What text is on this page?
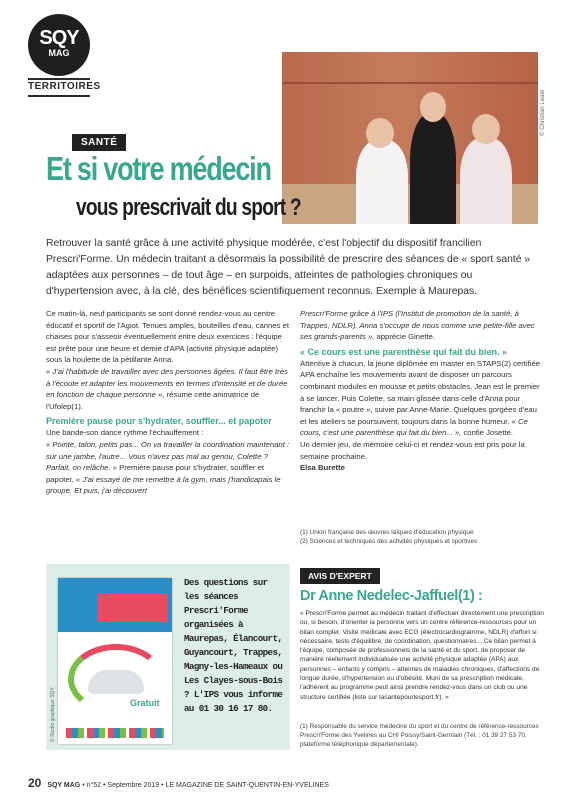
SQY
MAG
TERRITOIRES
© Christian Leaté
SANTÉ
Et si votre médecin
vous prescrivait du sport ?
Retrouver la santé grâce à une activité physique modérée, c'est l'objectif du dispositif francilien Prescri'Forme. Un médecin traitant a désormais la possibilité de prescrire des séances de « sport santé » adaptées aux personnes – de tout âge – en surpoids, atteintes de pathologies chroniques ou d'hypertension avec, à la clé, des bénéfices scientifiquement reconnus. Exemple à Maurepas.

Ce matin-là, neuf participants se sont donné rendez-vous au centre éducatif et sportif de l'Agiot. Tenues amples, bouteilles d'eau, cannes et chaises pour s'asseoir éventuellement entre deux exercices : l'équipe est prête pour une heure et demie d'APA (activité physique adaptée) sous la houlette de la pétillante Anna.

« J'ai l'habitude de travailler avec des personnes âgées. Il faut être très à l'écoute et adapter les mouvements en termes d'intensité et de durée en fonction de chaque personne », résume cette animatrice de l'Ufolep(1).

Première pause pour s'hydrater, souffler... et papoter

Une bande-son dance rythme l'échauffement :

« Pointe, talon, petits pas... On va travailler la coordination maintenant : sur une jambe, l'autre... Vous n'avez pas mal au genou, Colette ? Parfait, on relâche. » Première pause pour s'hydrater, souffler et papoter. « J'ai essayé de me remettre à la gym, mais j'handicapais le groupe. Et puis, j'ai découvert

Prescri'Forme grâce à l'IPS (l'Institut de promotion de la santé, à Trappes, NDLR). Anna s'occupe de nous comme une petite-fille avec ses grands-parents », apprécie Ginette.

« Ce cours est une parenthèse qui fait du bien. »

Attentive à chacun, la jeune diplômée en master en STAPS(2) certifiée APA enchaîne les mouvements avant de disposer un parcours combinant modules en mousse et petits obstacles. Jean est le premier à se lancer. Puis Colette, sa main glissée dans celle d'Anna pour franchir la « poutre », suivie par Anne-Marie. Quelques gorgées d'eau et les ateliers se poursuivent, toujours dans la bonne humeur. « Ce cours, c'est une parenthèse qui fait du bien... », confie Josette.

Un dernier jeu, de mémoire celui-ci et rendez-vous est pris pour la semaine prochaine.

Elsa Burette

(1) Union française des œuvres laïques d'éducation physique

(2) Sciences et techniques des activités physiques et sportives

Gratuit
© Studio graphique SQY
Des questions sur les séances Prescri'Forme organisées à Maurepas, Élancourt, Guyancourt, Trappes, Magny-les-Hameaux ou Les Clayes-sous-Bois ? L'IPS vous informe au 01 30 16 17 80.
AVIS D'EXPERT
Dr Anne Nedelec-Jaffuel(1) :
« Prescri'Forme permet au médecin traitant d'effectuer directement une prescription ou, si besoin, d'orienter la personne vers un centre référence-ressources pour un bilan complet. Visite médicale avec ECG (électrocardiogramme, NDLR) d'effort si nécessaire, tests d'équilibre, de coordination, questionnaires... Ce bilan permet à l'équipe, composée de professionnels de la santé et du sport, de proposer de manière réellement individualisée une activité physique adaptée (APA) aux personnes – enfants y compris – atteintes de maladies chroniques, d'affections de longue durée, d'hypertension ou d'obésité. Muni de sa prescription médicale, l'adhérent au programme peut ainsi prendre rendez-vous dans un club ou une structure certifiée (liste sur lasantepourlesport.fr). »
(1) Responsable du service médecine du sport et du centre de référence-ressources Prescri'Forme des Yvelines au CHI Poissy/Saint-Germain (Tél. : 01 39 27 53 70, plateforme téléphonique départementale).
20 SQY MAG • n°52 • Septembre 2019 • LE MAGAZINE DE SAINT-QUENTIN-EN-YVELINES
